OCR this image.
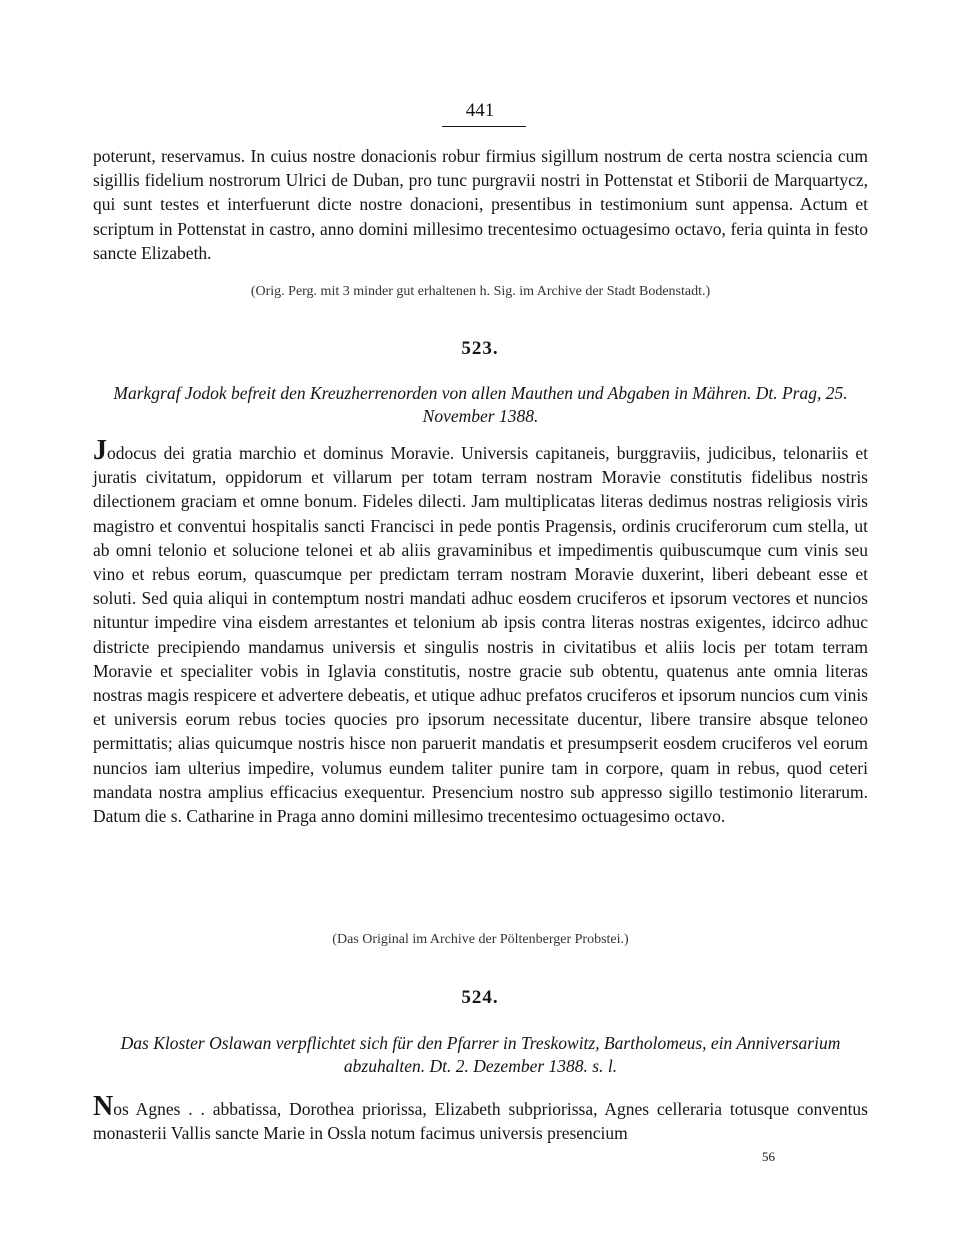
441
poterunt, reservamus. In cuius nostre donacionis robur firmius sigillum nostrum de certa nostra sciencia cum sigillis fidelium nostrorum Ulrici de Duban, pro tunc purgravii nostri in Pottenstat et Stiborii de Marquartycz, qui sunt testes et interfuerunt dicte nostre donacioni, presentibus in testimonium sunt appensa. Actum et scriptum in Pottenstat in castro, anno domini millesimo trecentesimo octuagesimo octavo, feria quinta in festo sancte Elizabeth.
(Orig. Perg. mit 3 minder gut erhaltenen h. Sig. im Archive der Stadt Bodenstadt.)
523.
Markgraf Jodok befreit den Kreuzherrenorden von allen Mauthen und Abgaben in Mähren. Dt. Prag, 25. November 1388.
Jodocus dei gratia marchio et dominus Moravie. Universis capitaneis, burggraviis, judicibus, telonariis et juratis civitatum, oppidorum et villarum per totam terram nostram Moravie constitutis fidelibus nostris dilectionem graciam et omne bonum. Fideles dilecti. Jam multiplicatas literas dedimus nostras religiosis viris magistro et conventui hospitalis sancti Francisci in pede pontis Pragensis, ordinis cruciferorum cum stella, ut ab omni telonio et solucione telonei et ab aliis gravaminibus et impedimentis quibuscumque cum vinis seu vino et rebus eorum, quascumque per predictam terram nostram Moravie duxerint, liberi debeant esse et soluti. Sed quia aliqui in contemptum nostri mandati adhuc eosdem cruciferos et ipsorum vectores et nuncios nituntur impedire vina eisdem arrestantes et telonium ab ipsis contra literas nostras exigentes, idcirco adhuc districte precipiendo mandamus universis et singulis nostris in civitatibus et aliis locis per totam terram Moravie et specialiter vobis in Iglavia constitutis, nostre gracie sub obtentu, quatenus ante omnia literas nostras magis respicere et advertere debeatis, et utique adhuc prefatos cruciferos et ipsorum nuncios cum vinis et universis eorum rebus tocies quocies pro ipsorum necessitate ducentur, libere transire absque teloneo permittatis; alias quicumque nostris hisce non paruerit mandatis et presumpserit eosdem cruciferos vel eorum nuncios iam ulterius impedire, volumus eundem taliter punire tam in corpore, quam in rebus, quod ceteri mandata nostra amplius efficacius exequentur. Presencium nostro sub appresso sigillo testimonio literarum. Datum die s. Catharine in Praga anno domini millesimo trecentesimo octuagesimo octavo.
(Das Original im Archive der Pöltenberger Probstei.)
524.
Das Kloster Oslawan verpflichtet sich für den Pfarrer in Treskowitz, Bartholomeus, ein Anniversarium abzuhalten. Dt. 2. Dezember 1388. s. l.
Nos Agnes . . abbatissa, Dorothea priorissa, Elizabeth subpriorissa, Agnes celleraria totusque conventus monasterii Vallis sancte Marie in Ossla notum facimus universis presencium
56
